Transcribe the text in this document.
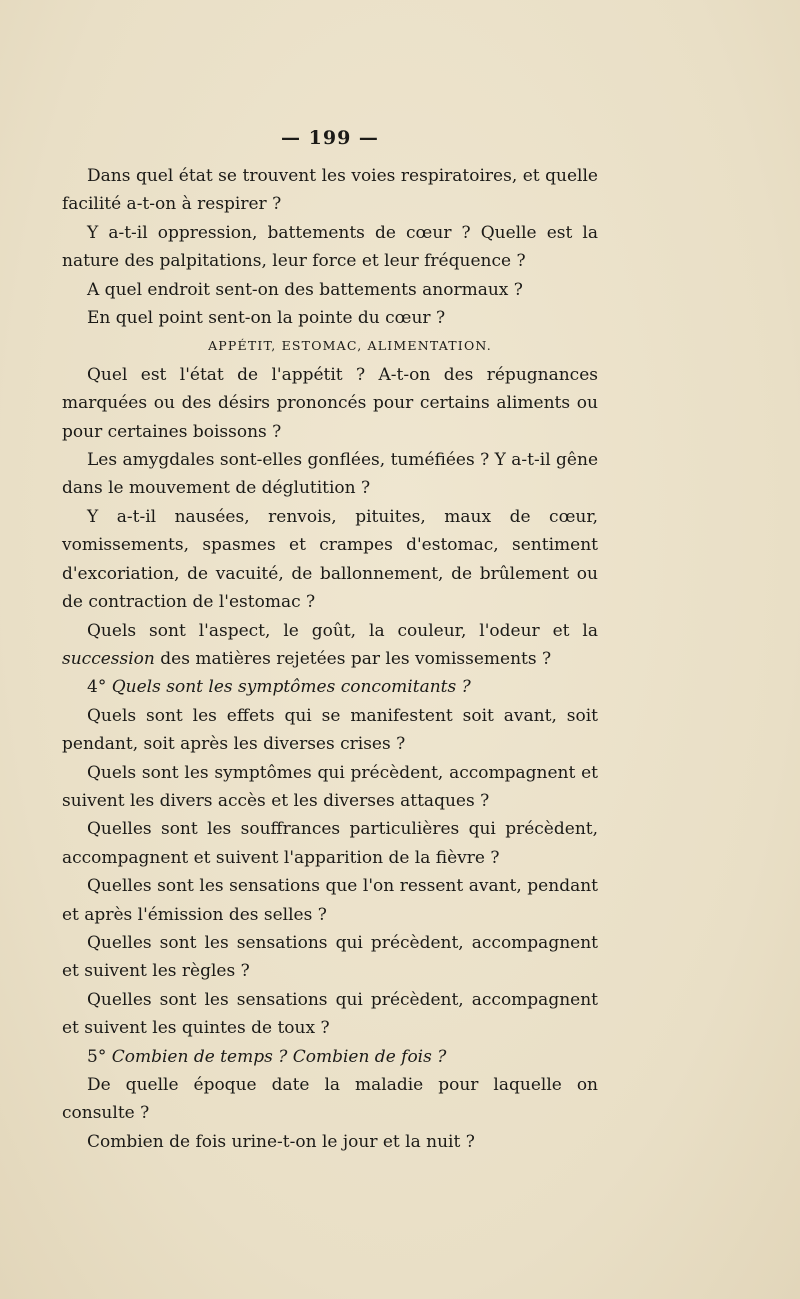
— 199 —

Dans quel état se trouvent les voies respiratoires, et quelle facilité a-t-on à respirer ?

Y a-t-il oppression, battements de cœur ? Quelle est la nature des palpitations, leur force et leur fréquence ?

A quel endroit sent-on des battements anormaux ?

En quel point sent-on la pointe du cœur ?

APPÉTIT, ESTOMAC, ALIMENTATION.

Quel est l'état de l'appétit ? A-t-on des répugnances marquées ou des désirs prononcés pour certains aliments ou pour certaines boissons ?

Les amygdales sont-elles gonflées, tuméfiées ? Y a-t-il gêne dans le mouvement de déglutition ?

Y a-t-il nausées, renvois, pituites, maux de cœur, vomissements, spasmes et crampes d'estomac, sentiment d'excoriation, de vacuité, de ballonnement, de brûlement ou de contraction de l'estomac ?

Quels sont l'aspect, le goût, la couleur, l'odeur et la succession des matières rejetées par les vomissements ?

4° Quels sont les symptômes concomitants ?

Quels sont les effets qui se manifestent soit avant, soit pendant, soit après les diverses crises ?

Quels sont les symptômes qui précèdent, accompagnent et suivent les divers accès et les diverses attaques ?

Quelles sont les souffrances particulières qui précèdent, accompagnent et suivent l'apparition de la fièvre ?

Quelles sont les sensations que l'on ressent avant, pendant et après l'émission des selles ?

Quelles sont les sensations qui précèdent, accompagnent et suivent les règles ?

Quelles sont les sensations qui précèdent, accompagnent et suivent les quintes de toux ?

5° Combien de temps ? Combien de fois ?

De quelle époque date la maladie pour laquelle on consulte ?

Combien de fois urine-t-on le jour et la nuit ?
